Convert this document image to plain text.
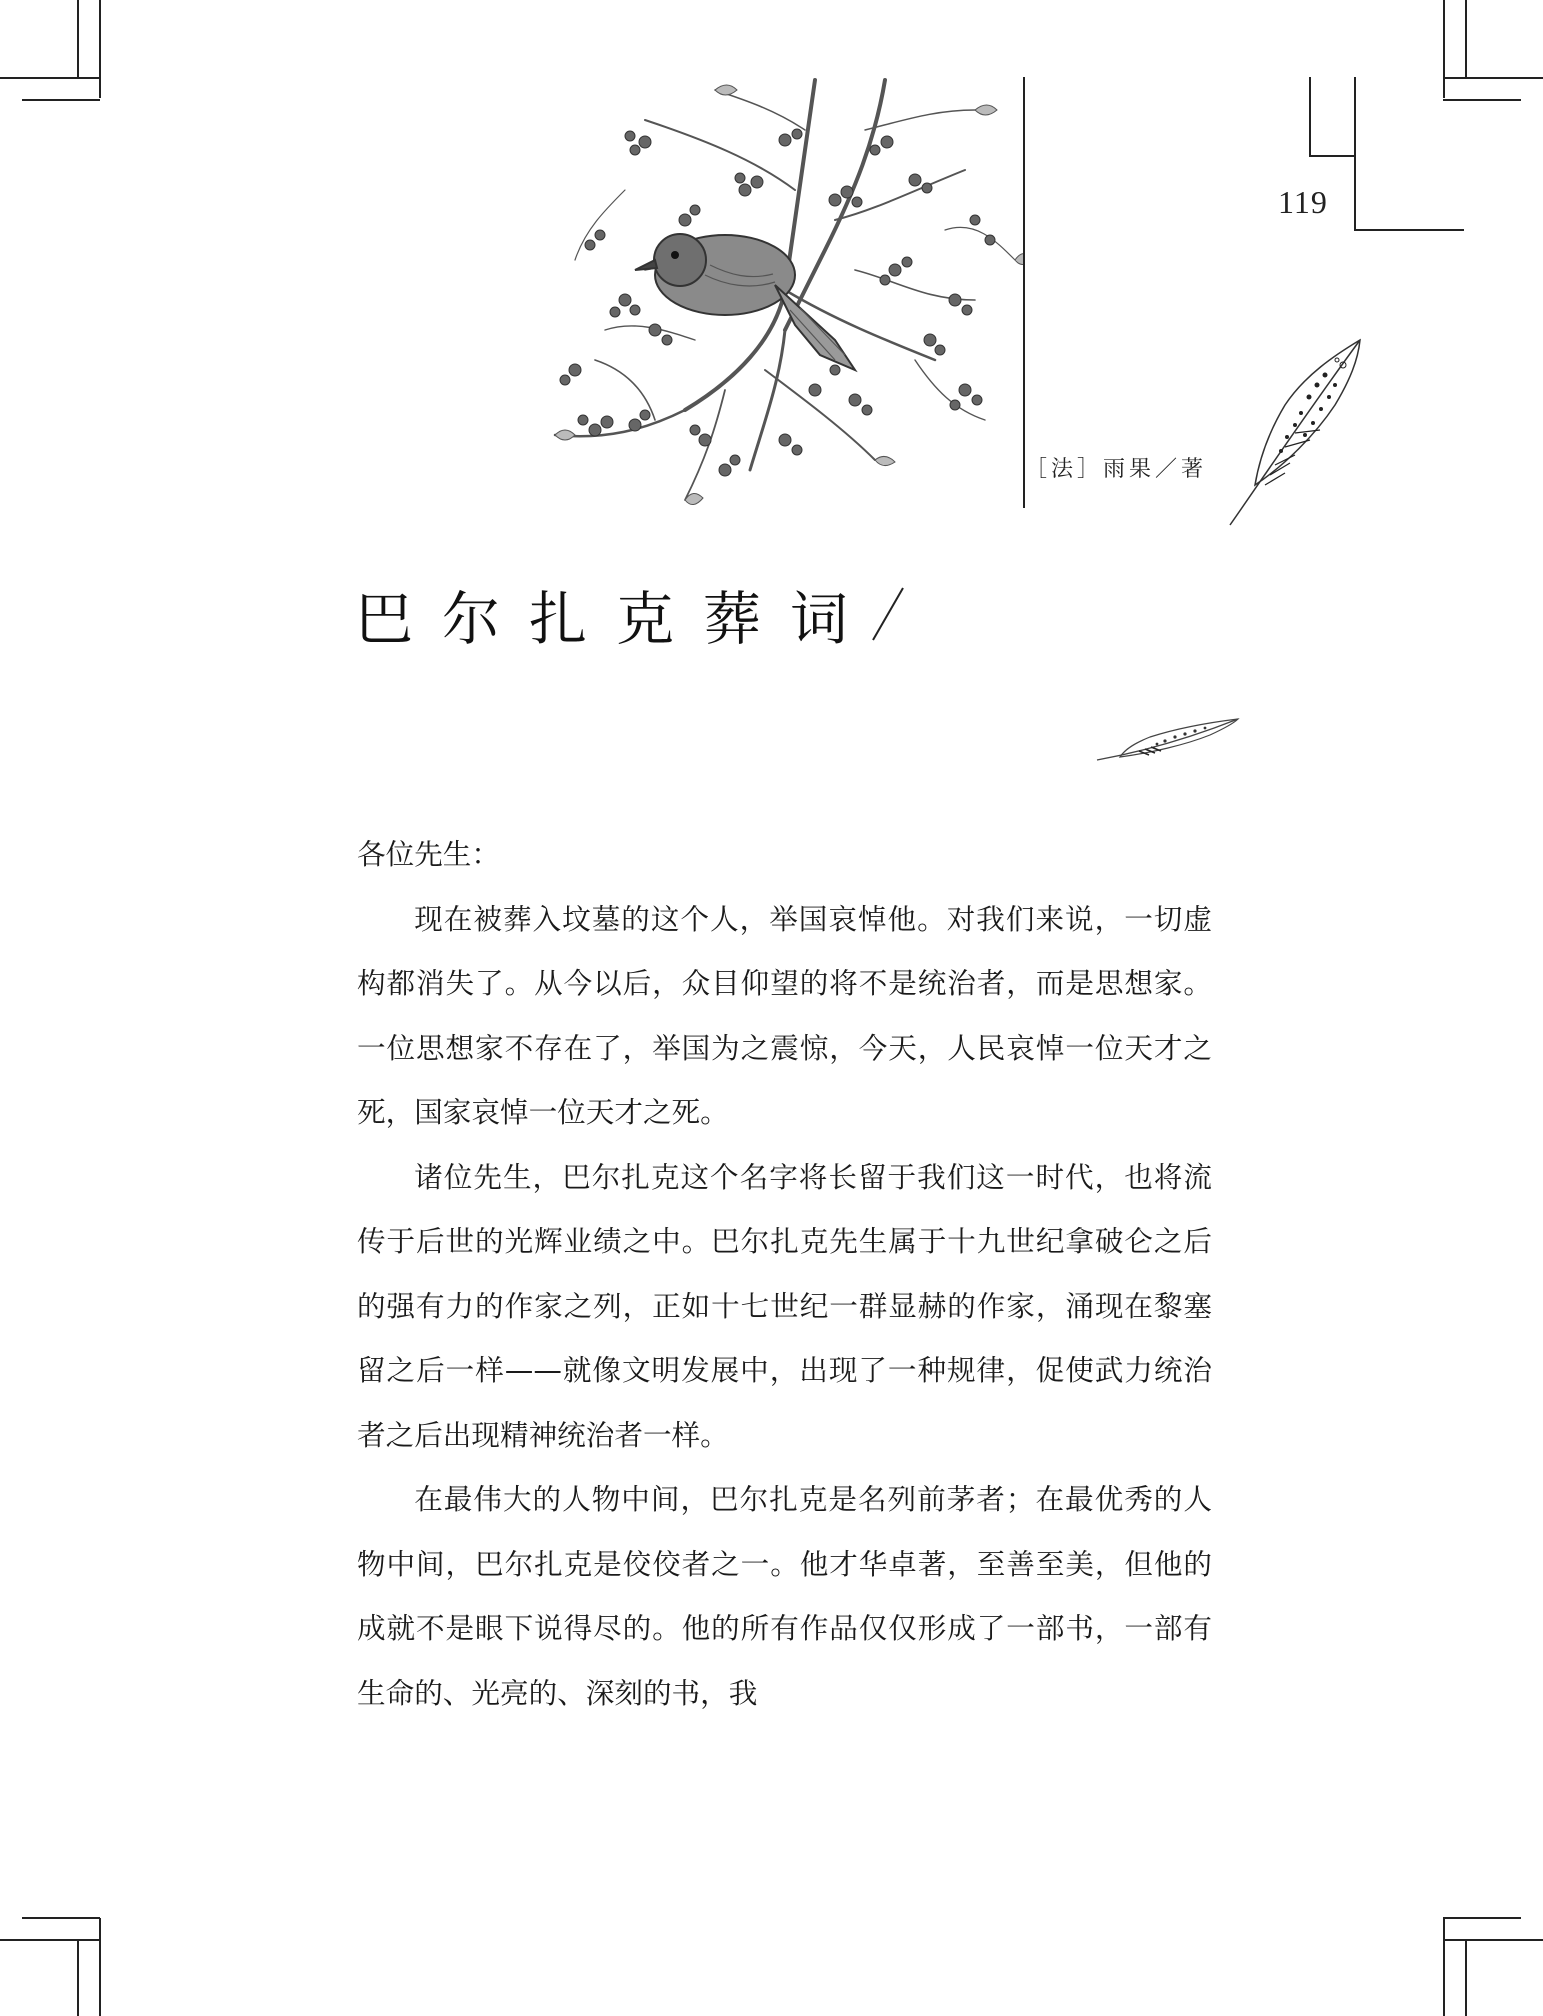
119
［法］雨果／著
巴尔扎克葬词

各位先生：

现在被葬入坟墓的这个人，举国哀悼他。对我们来说，一切虚构都消失了。从今以后，众目仰望的将不是统治者，而是思想家。一位思想家不存在了，举国为之震惊，今天，人民哀悼一位天才之死，国家哀悼一位天才之死。

诸位先生，巴尔扎克这个名字将长留于我们这一时代，也将流传于后世的光辉业绩之中。巴尔扎克先生属于十九世纪拿破仑之后的强有力的作家之列，正如十七世纪一群显赫的作家，涌现在黎塞留之后一样——就像文明发展中，出现了一种规律，促使武力统治者之后出现精神统治者一样。

在最伟大的人物中间，巴尔扎克是名列前茅者；在最优秀的人物中间，巴尔扎克是佼佼者之一。他才华卓著，至善至美，但他的成就不是眼下说得尽的。他的所有作品仅仅形成了一部书，一部有生命的、光亮的、深刻的书，我
